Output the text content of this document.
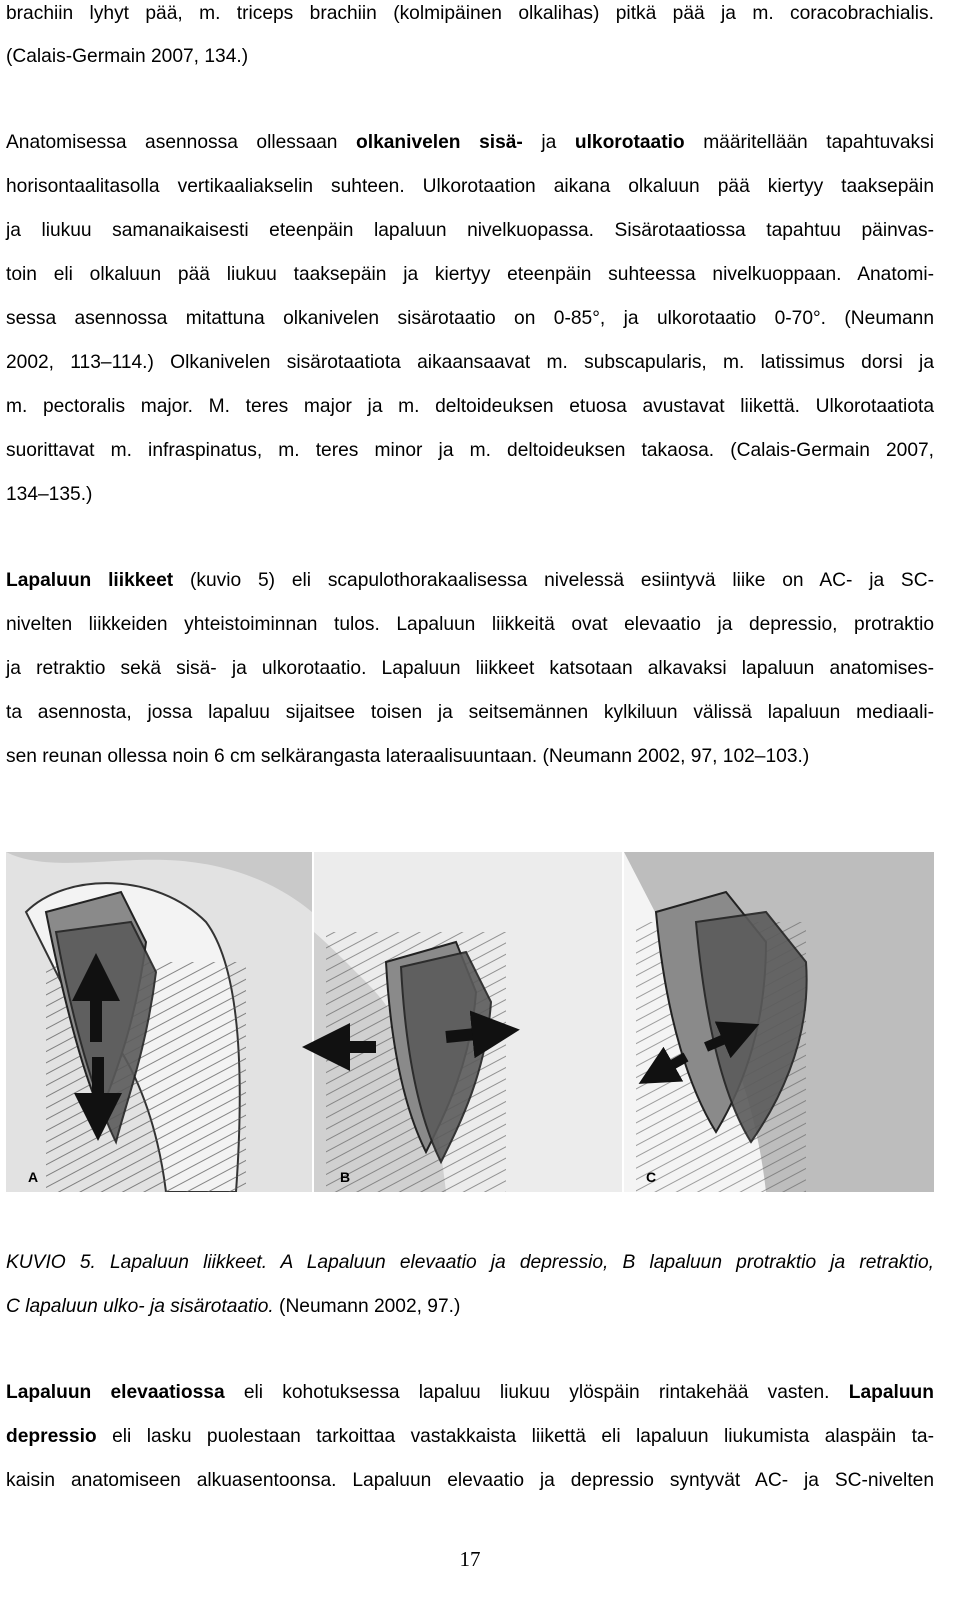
brachiin lyhyt pää, m. triceps brachiin (kolmipäinen olkalihas) pitkä pää ja m. coracobrachialis.
(Calais-Germain 2007, 134.)
Anatomisessa asennossa ollessaan olkanivelen sisä- ja ulkorotaatio määritellään tapahtuvaksi
horisontaalitasolla vertikaaliakselin suhteen. Ulkorotaation aikana olkaluun pää kiertyy taaksepäin
ja liukuu samanaikaisesti eteenpäin lapaluun nivelkuopassa. Sisärotaatiossa tapahtuu päinvas-
toin eli olkaluun pää liukuu taaksepäin ja kiertyy eteenpäin suhteessa nivelkuoppaan. Anatomi-
sessa asennossa mitattuna olkanivelen sisärotaatio on 0-85°, ja ulkorotaatio 0-70°. (Neumann
2002, 113–114.) Olkanivelen sisärotaatiota aikaansaavat m. subscapularis, m. latissimus dorsi ja
m. pectoralis major. M. teres major ja m. deltoideuksen etuosa avustavat liikettä. Ulkorotaatiota
suorittavat m. infraspinatus, m. teres minor ja m. deltoideuksen takaosa. (Calais-Germain 2007,
134–135.)
Lapaluun liikkeet (kuvio 5) eli scapulothorakaalisessa nivelessä esiintyvä liike on AC- ja SC-
nivelten liikkeiden yhteistoiminnan tulos. Lapaluun liikkeitä ovat elevaatio ja depressio, protraktio
ja retraktio sekä sisä- ja ulkorotaatio. Lapaluun liikkeet katsotaan alkavaksi lapaluun anatomises-
ta asennosta, jossa lapaluu sijaitsee toisen ja seitsemännen kylkiluun välissä lapaluun mediaali-
sen reunan ollessa noin 6 cm selkärangasta lateraalisuuntaan. (Neumann 2002, 97, 102–103.)
A	B	C
KUVIO 5. Lapaluun liikkeet. A Lapaluun elevaatio ja depressio, B lapaluun protraktio ja retraktio,
C lapaluun ulko- ja sisärotaatio. (Neumann 2002, 97.)
Lapaluun elevaatiossa eli kohotuksessa lapaluu liukuu ylöspäin rintakehää vasten. Lapaluun
depressio eli lasku puolestaan tarkoittaa vastakkaista liikettä eli lapaluun liukumista alaspäin ta-
kaisin anatomiseen alkuasentoonsa. Lapaluun elevaatio ja depressio syntyvät AC- ja SC-nivelten
17
